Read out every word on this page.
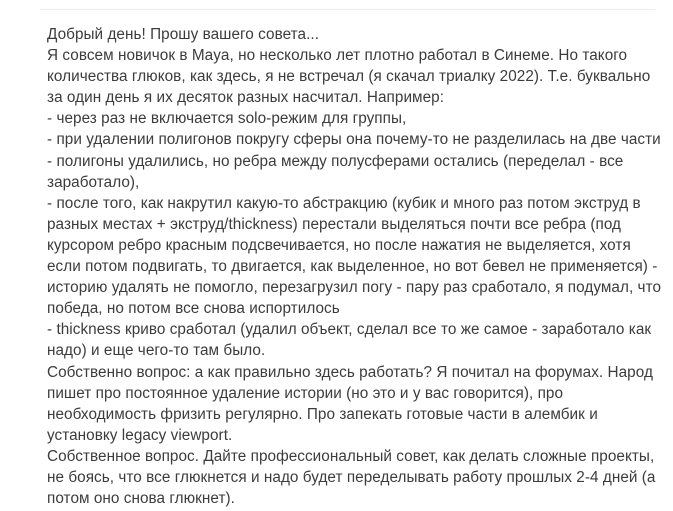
Добрый день! Прошу вашего совета...
Я совсем новичок в Maya, но несколько лет плотно работал в Синеме. Но такого
количества глюков, как здесь, я не встречал (я скачал триалку 2022). Т.е. буквально
за один день я их десяток разных насчитал. Например:
- через раз не включается solo-режим для группы,
- при удалении полигонов покругу сферы она почему-то не разделилась на две части
- полигоны удалились, но ребра между полусферами остались (переделал - все
заработало),
- после того, как накрутил какую-то абстракцию (кубик и много раз потом экструд в
разных местах + экструд/thickness) перестали выделяться почти все ребра (под
курсором ребро красным подсвечивается, но после нажатия не выделяется, хотя
если потом подвигать, то двигается, как выделенное, но вот бевел не применяется) -
историю удалять не помогло, перезагрузил погу - пару раз сработало, я подумал, что
победа, но потом все снова испортилось
- thickness криво сработал (удалил объект, сделал все то же самое - заработало как
надо) и еще чего-то там было.
Собственно вопрос: а как правильно здесь работать? Я почитал на форумах. Народ
пишет про постоянное удаление истории (но это и у вас говорится), про
необходимость фризить регулярно. Про запекать готовые части в алембик и
установку legacy viewport.
Собственное вопрос. Дайте профессиональный совет, как делать сложные проекты,
не боясь, что все глюкнется и надо будет переделывать работу прошлых 2-4 дней (а
потом оно снова глюкнет).
